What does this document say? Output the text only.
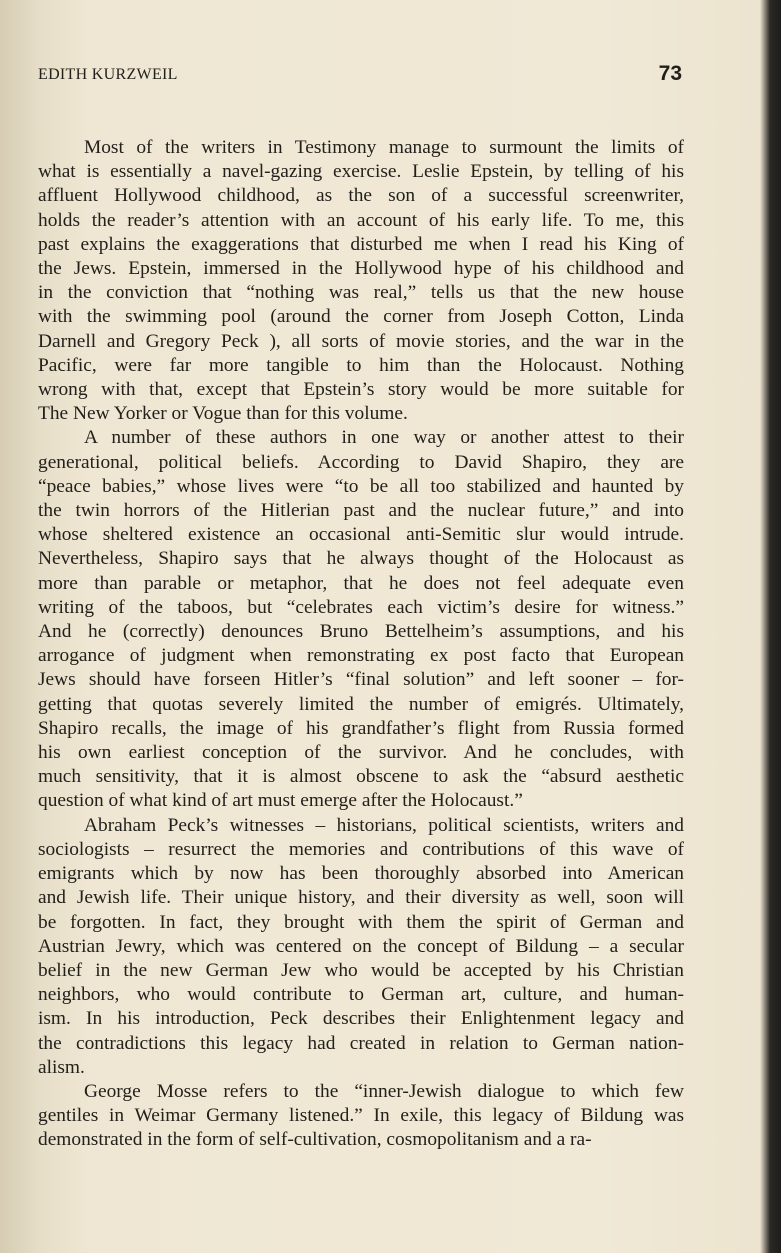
EDITH KURZWEIL	73
Most of the writers in Testimony manage to surmount the limits of
what is essentially a navel-gazing exercise. Leslie Epstein, by telling of his
affluent Hollywood childhood, as the son of a successful screenwriter,
holds the reader’s attention with an account of his early life. To me, this
past explains the exaggerations that disturbed me when I read his King of
the Jews. Epstein, immersed in the Hollywood hype of his childhood and
in the conviction that “nothing was real,” tells us that the new house
with the swimming pool (around the corner from Joseph Cotton, Linda
Darnell and Gregory Peck ), all sorts of movie stories, and the war in the
Pacific, were far more tangible to him than the Holocaust. Nothing
wrong with that, except that Epstein’s story would be more suitable for
The New Yorker or Vogue than for this volume.
A number of these authors in one way or another attest to their
generational, political beliefs. According to David Shapiro, they are
“peace babies,” whose lives were “to be all too stabilized and haunted by
the twin horrors of the Hitlerian past and the nuclear future,” and into
whose sheltered existence an occasional anti-Semitic slur would intrude.
Nevertheless, Shapiro says that he always thought of the Holocaust as
more than parable or metaphor, that he does not feel adequate even
writing of the taboos, but “celebrates each victim’s desire for witness.”
And he (correctly) denounces Bruno Bettelheim’s assumptions, and his
arrogance of judgment when remonstrating ex post facto that European
Jews should have forseen Hitler’s “final solution” and left sooner – for-
getting that quotas severely limited the number of emigrés. Ultimately,
Shapiro recalls, the image of his grandfather’s flight from Russia formed
his own earliest conception of the survivor. And he concludes, with
much sensitivity, that it is almost obscene to ask the “absurd aesthetic
question of what kind of art must emerge after the Holocaust.”
Abraham Peck’s witnesses – historians, political scientists, writers and
sociologists – resurrect the memories and contributions of this wave of
emigrants which by now has been thoroughly absorbed into American
and Jewish life. Their unique history, and their diversity as well, soon will
be forgotten. In fact, they brought with them the spirit of German and
Austrian Jewry, which was centered on the concept of Bildung – a secular
belief in the new German Jew who would be accepted by his Christian
neighbors, who would contribute to German art, culture, and human-
ism. In his introduction, Peck describes their Enlightenment legacy and
the contradictions this legacy had created in relation to German nation-
alism.
George Mosse refers to the “inner-Jewish dialogue to which few
gentiles in Weimar Germany listened.” In exile, this legacy of Bildung was
demonstrated in the form of self-cultivation, cosmopolitanism and a ra-
